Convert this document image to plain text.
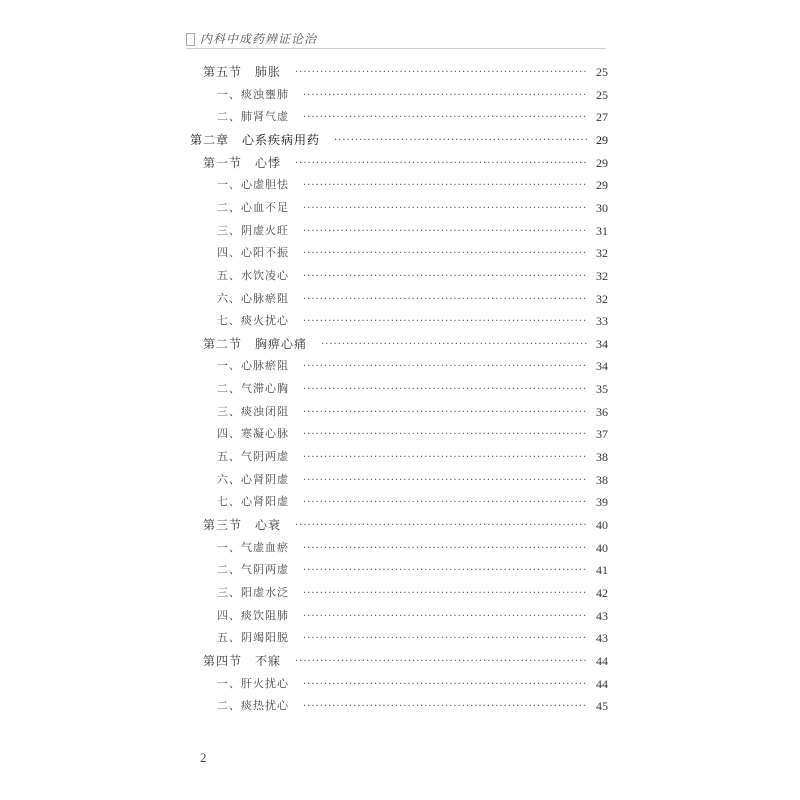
内科中成药辨证论治
第五节　肺胀 ·····	25
一、痰浊壅肺 ·····	25
二、肺肾气虚 ·····	27
第二章　心系疾病用药 ·····	29
第一节　心悸 ·····	29
一、心虚胆怯 ·····	29
二、心血不足 ·····	30
三、阴虚火旺 ·····	31
四、心阳不振 ·····	32
五、水饮凌心 ·····	32
六、心脉瘀阻 ·····	32
七、痰火扰心 ·····	33
第二节　胸痹心痛 ·····	34
一、心脉瘀阻 ·····	34
二、气滞心胸 ·····	35
三、痰浊闭阻 ·····	36
四、寒凝心脉 ·····	37
五、气阴两虚 ·····	38
六、心肾阴虚 ·····	38
七、心肾阳虚 ·····	39
第三节　心衰 ·····	40
一、气虚血瘀 ·····	40
二、气阴两虚 ·····	41
三、阳虚水泛 ·····	42
四、痰饮阻肺 ·····	43
五、阴竭阳脱 ·····	43
第四节　不寐 ·····	44
一、肝火扰心 ·····	44
二、痰热扰心 ·····	45
2
